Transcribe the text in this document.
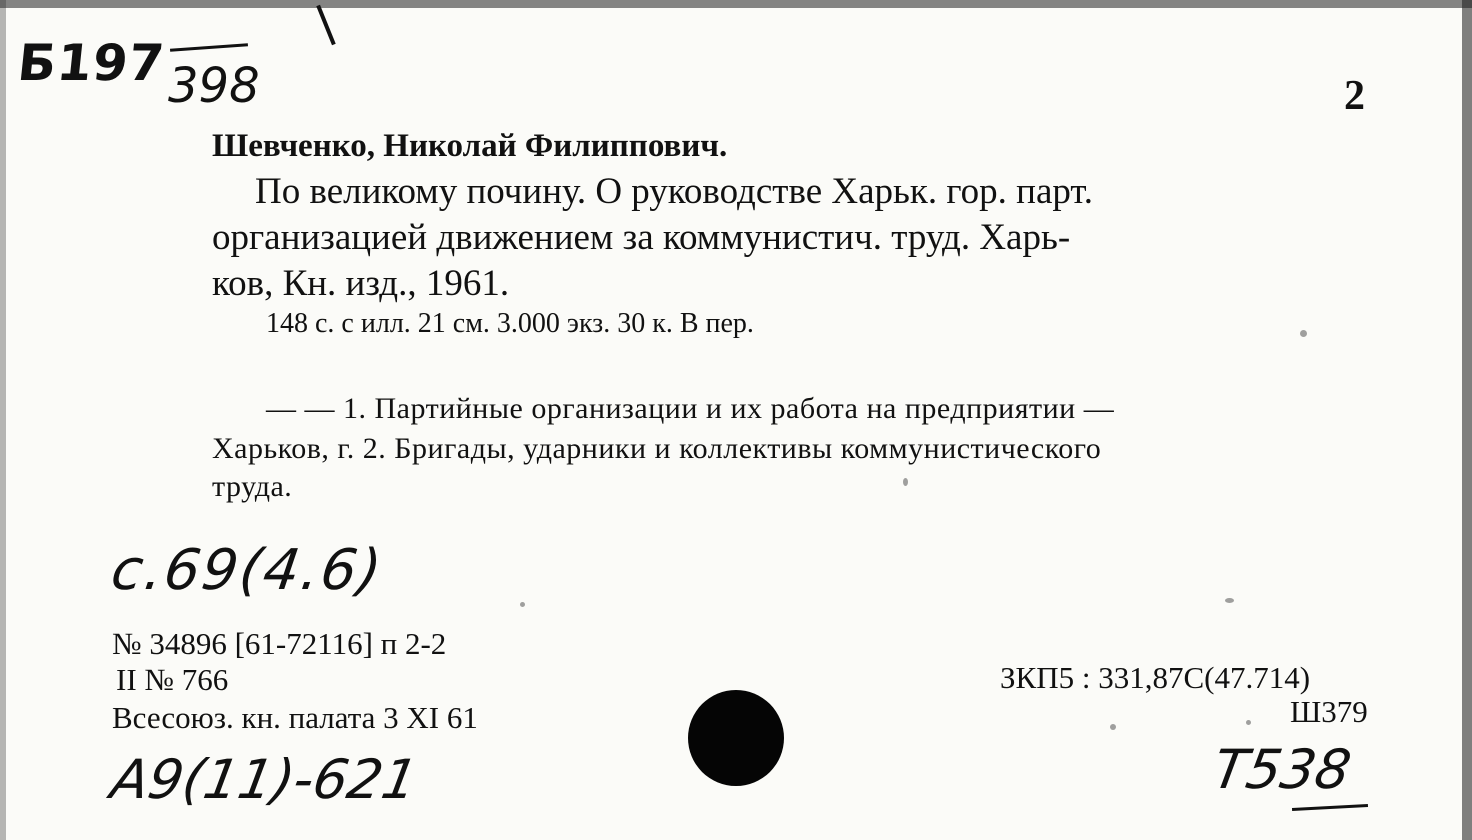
Б197 398	2
Шевченко, Николай Филиппович.
По великому почину. О руководстве Харьк. гор. парт.
организацией движением за коммунистич. труд. Харь-
ков, Кн. изд., 1961.
148 с. с илл. 21 см. 3.000 экз. 30 к. В пер.
— — 1. Партийные организации и их работа на предприятии —
Харьков, г. 2. Бригады, ударники и коллективы коммунистического
труда.
с.69(4.6)
№ 34896 [61-72116] п 2-2
II № 766
Всесоюз. кн. палата 3 XI 61
А9(11)-621
ЗКП5 : 331,87С(47.714)
Ш379
Т538
